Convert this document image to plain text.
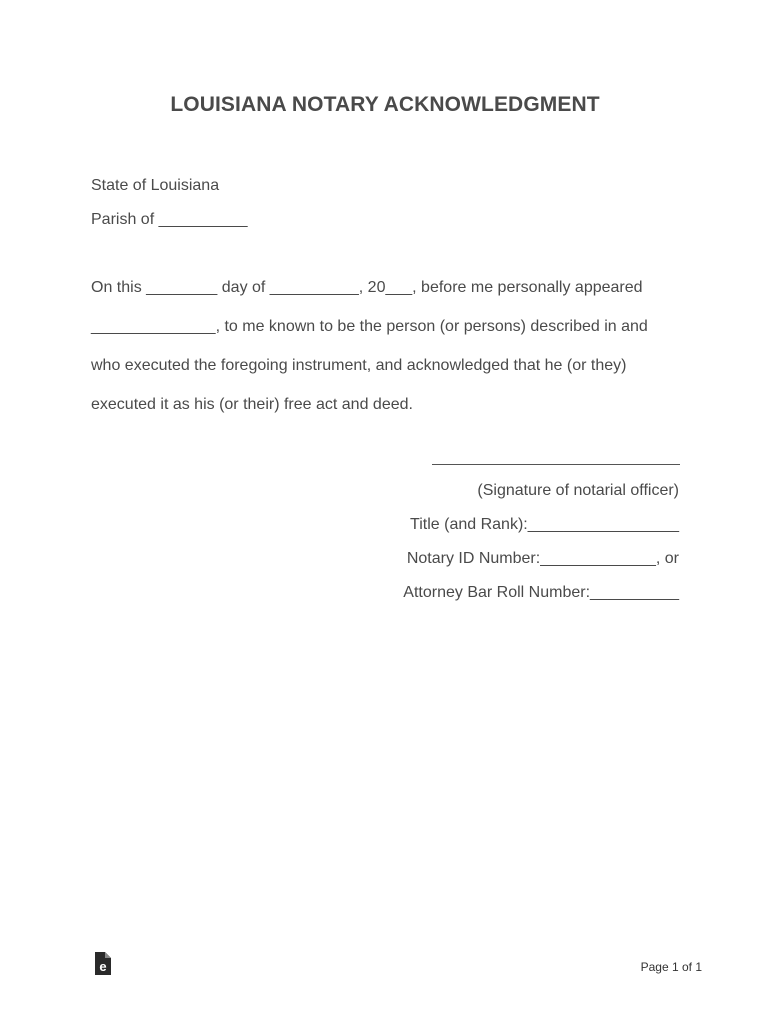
LOUISIANA NOTARY ACKNOWLEDGMENT
State of Louisiana
Parish of __________
On this ________ day of __________, 20___, before me personally appeared
______________, to me known to be the person (or persons) described in and
who executed the foregoing instrument, and acknowledged that he (or they)
executed it as his (or their) free act and deed.
(Signature of notarial officer)
Title (and Rank):_________________
Notary ID Number:_____________, or
Attorney Bar Roll Number:__________
e	Page 1 of 1
